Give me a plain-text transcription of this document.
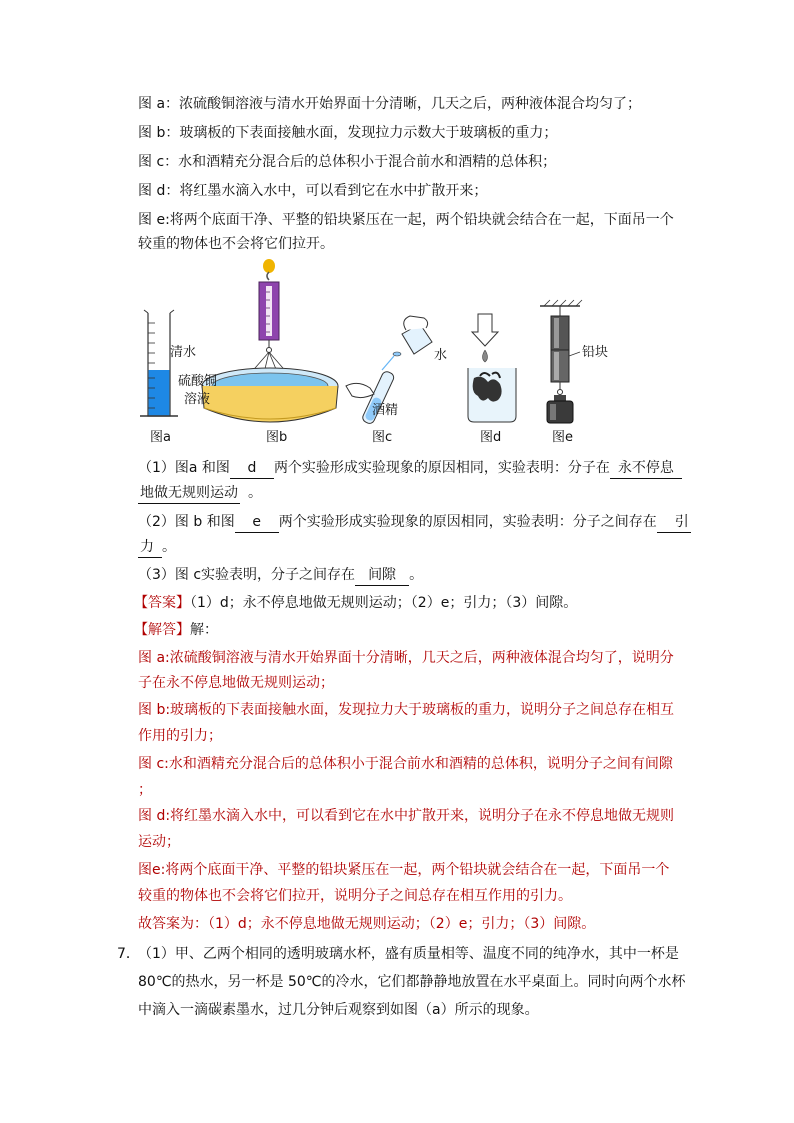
图 a：浓硫酸铜溶液与清水开始界面十分清晰，几天之后，两种液体混合均匀了；
图 b：玻璃板的下表面接触水面，发现拉力示数大于玻璃板的重力；
图 c：水和酒精充分混合后的总体积小于混合前水和酒精的总体积；
图 d：将红墨水滴入水中，可以看到它在水中扩散开来；
图 e:将两个底面干净、平整的铅块紧压在一起，两个铅块就会结合在一起，下面吊一个
较重的物体也不会将它们拉开。
清水
硫酸铜
溶液
水
酒精
铅块
图a	图b	图c	图d	图e
（1）图a 和图 d 两个实验形成实验现象的原因相同，实验表明：分子在 永不停息
地做无规则运动 。
（2）图 b 和图 e 两个实验形成实验现象的原因相同，实验表明：分子之间存在 引
力 。
（3）图 c实验表明，分子之间存在 间隙 。
【答案】（1）d；永不停息地做无规则运动；（2）e；引力；（3）间隙。
【解答】解：
图 a:浓硫酸铜溶液与清水开始界面十分清晰，几天之后，两种液体混合均匀了，说明分
子在永不停息地做无规则运动；
图 b:玻璃板的下表面接触水面，发现拉力大于玻璃板的重力，说明分子之间总存在相互
作用的引力；
图 c:水和酒精充分混合后的总体积小于混合前水和酒精的总体积，说明分子之间有间隙
；
图 d:将红墨水滴入水中，可以看到它在水中扩散开来，说明分子在永不停息地做无规则
运动；
图e:将两个底面干净、平整的铅块紧压在一起，两个铅块就会结合在一起，下面吊一个
较重的物体也不会将它们拉开，说明分子之间总存在相互作用的引力。
故答案为：（1）d；永不停息地做无规则运动；（2）e；引力；（3）间隙。
7．
（1）甲、乙两个相同的透明玻璃水杯，盛有质量相等、温度不同的纯净水，其中一杯是
80℃的热水，另一杯是 50℃的冷水，它们都静静地放置在水平桌面上。同时向两个水杯
中滴入一滴碳素墨水，过几分钟后观察到如图（a）所示的现象。
